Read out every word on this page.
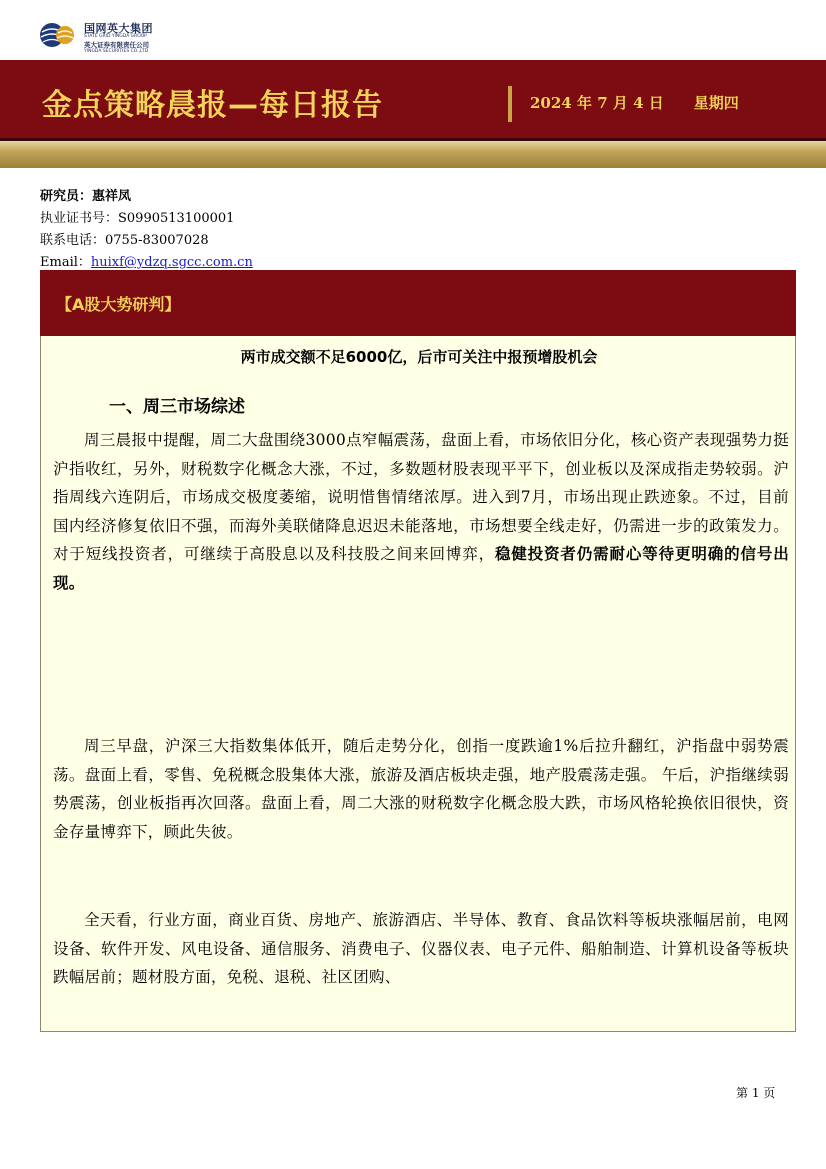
国网英大集团
STATE GRID YINGDA GROUP
英大证券有限责任公司
YINGDA SECURITIES CO.,LTD
金点策略晨报—每日报告	2024 年 7 月 4 日　　星期四
研究员：惠祥凤
执业证书号：S0990513100001
联系电话：0755-83007028
Email：huixf@ydzq.sgcc.com.cn
【A股大势研判】
两市成交额不足6000亿，后市可关注中报预增股机会
一、周三市场综述
周三晨报中提醒，周二大盘围绕3000点窄幅震荡，盘面上看，市场依旧分化，核心资产表现强势力挺沪指收红，另外，财税数字化概念大涨，不过，多数题材股表现平平下，创业板以及深成指走势较弱。沪指周线六连阴后，市场成交极度萎缩，说明惜售情绪浓厚。进入到7月，市场出现止跌迹象。不过，目前国内经济修复依旧不强，而海外美联储降息迟迟未能落地，市场想要全线走好，仍需进一步的政策发力。对于短线投资者，可继续于高股息以及科技股之间来回博弈，稳健投资者仍需耐心等待更明确的信号出现。
周三早盘，沪深三大指数集体低开，随后走势分化，创指一度跌逾1%后拉升翻红，沪指盘中弱势震荡。盘面上看，零售、免税概念股集体大涨，旅游及酒店板块走强，地产股震荡走强。 午后，沪指继续弱势震荡，创业板指再次回落。盘面上看，周二大涨的财税数字化概念股大跌，市场风格轮换依旧很快，资金存量博弈下，顾此失彼。
全天看，行业方面，商业百货、房地产、旅游酒店、半导体、教育、食品饮料等板块涨幅居前，电网设备、软件开发、风电设备、通信服务、消费电子、仪器仪表、电子元件、船舶制造、计算机设备等板块跌幅居前；题材股方面，免税、退税、社区团购、
第 1 页
